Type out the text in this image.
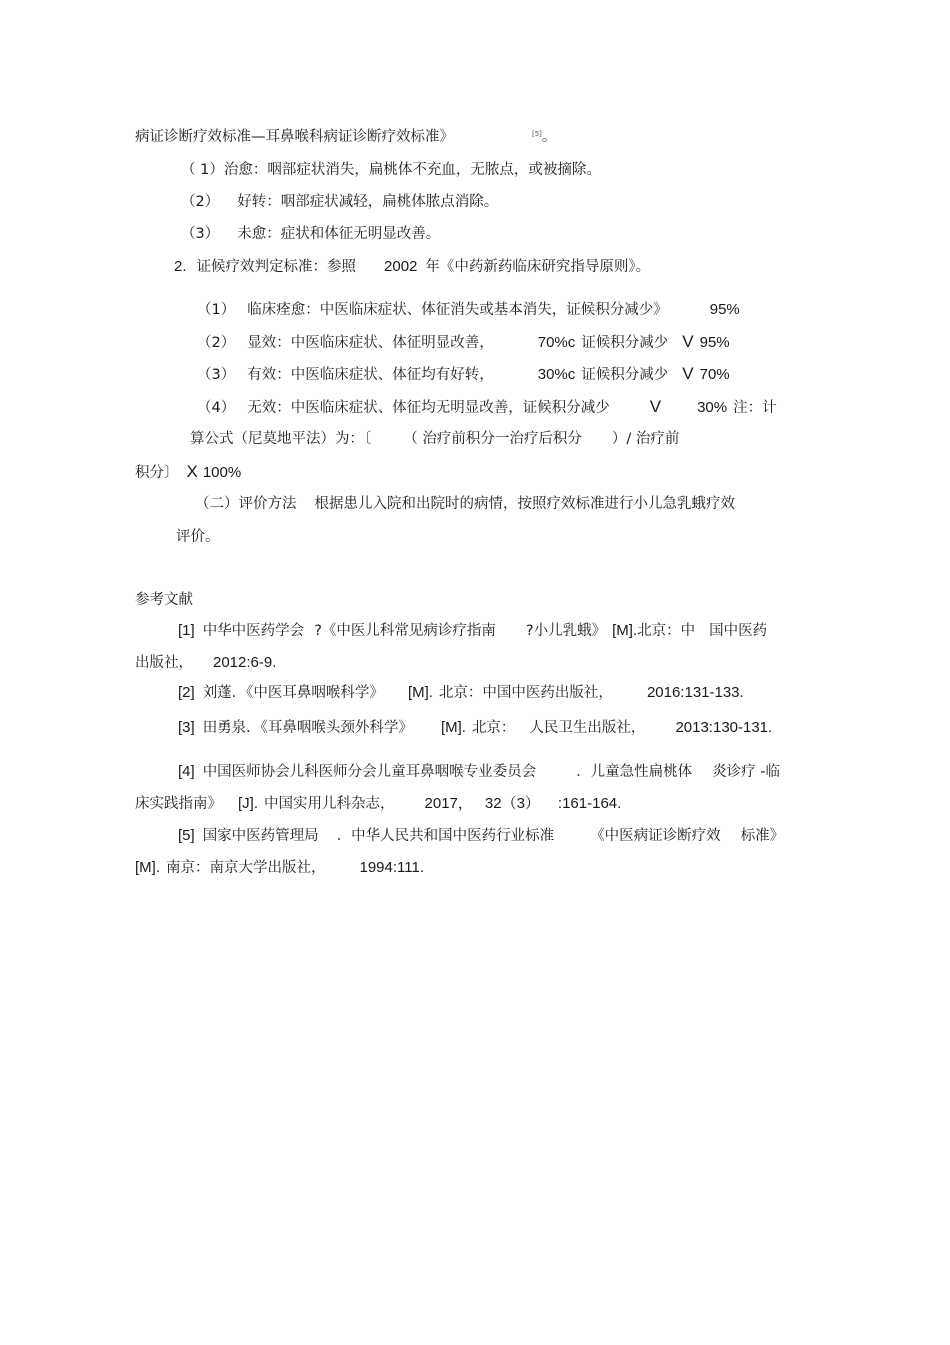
病证诊断疗效标准—耳鼻喉科病证诊断疗效标准》	[5]。
（ 1）治愈：咽部症状消失，扁桃体不充血，无脓点，或被摘除。
（2） 好转：咽部症状减轻，扁桃体脓点消除。
（3） 未愈：症状和体征无明显改善。
2. 证候疗效判定标准：参照 2002 年《中药新药临床研究指导原则》。
（1） 临床痊愈：中医临床症状、体征消失或基本消失，证候积分减少》	95%
（2） 显效：中医临床症状、体征明显改善，	70%c 证候积分减少 V 95%
（3） 有效：中医临床症状、体征均有好转，	30%c 证候积分减少 V 70%
（4） 无效：中医临床症状、体征均无明显改善，证候积分减少 V 30% 注：计
算公式（尼莫地平法）为：〔 （ 治疗前积分一治疗后积分 ）/ 治疗前
积分〕 X 100%
（二）评价方法 根据患儿入院和出院时的病情，按照疗效标准进行小儿急乳蛾疗效
评价。
参考文献
[1] 中华中医药学会 ?《中医儿科常见病诊疗指南 ?小儿乳蛾》 [M].北京：中 国中医药
出版社， 2012:6-9.
[2] 刘蓬．《中医耳鼻咽喉科学》 [M]. 北京：中国中医药出版社， 2016:131-133.
[3] 田勇泉．《耳鼻咽喉头颈外科学》 [M]. 北京： 人民卫生出版社， 2013:130-131.
[4] 中国医师协会儿科医师分会儿童耳鼻咽喉专业委员会	．儿童急性扁桃体 炎诊疗 -临
床实践指南》 [J]. 中国实用儿科杂志， 2017， 32（3） :161-164.
[5] 国家中医药管理局 ．中华人民共和国中医药行业标准 《中医病证诊断疗效 标准》
[M]. 南京：南京大学出版社， 1994:111.
